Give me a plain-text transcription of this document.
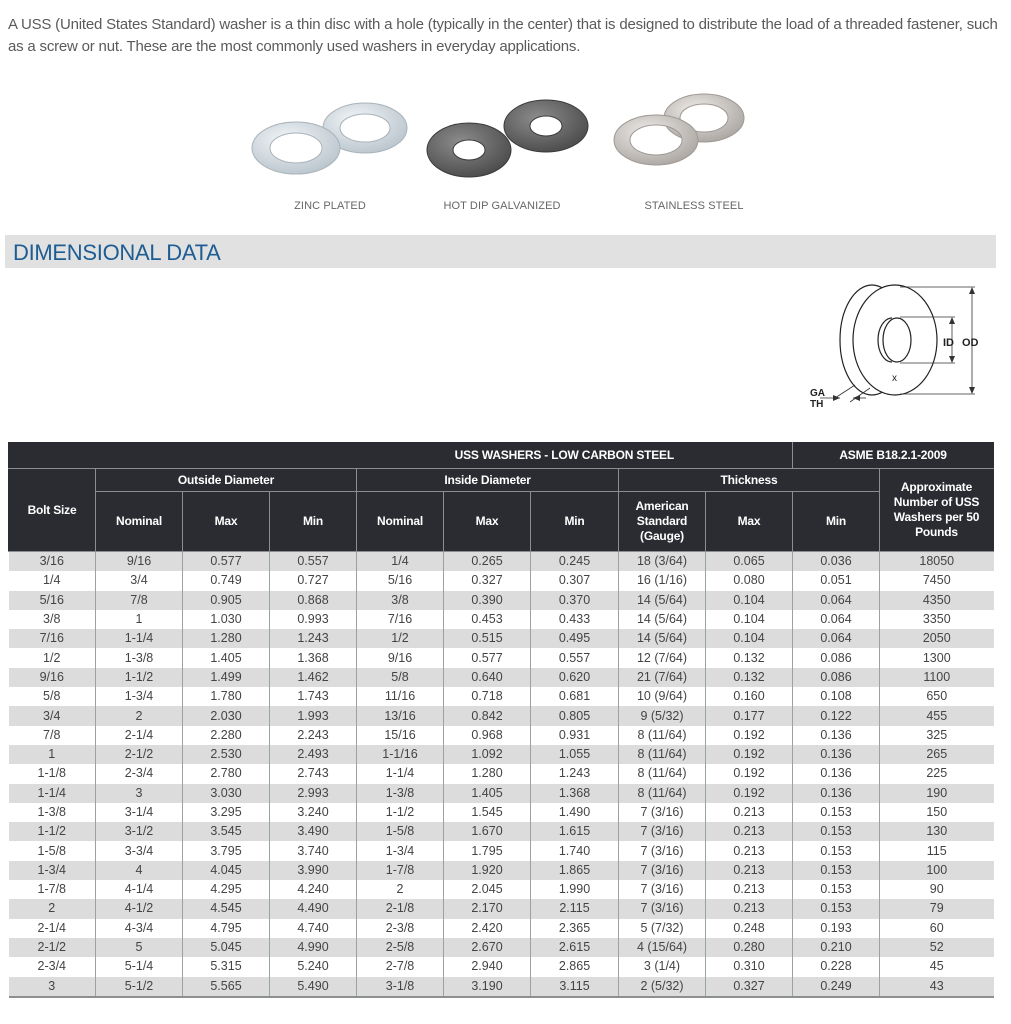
A USS (United States Standard) washer is a thin disc with a hole (typically in the center) that is designed to distribute the load of a threaded fastener, such as a screw or nut. These are the most commonly used washers in everyday applications.

ZINC PLATED	HOT DIP GALVANIZED	STAINLESS STEEL
DIMENSIONAL DATA
ID OD
x
GA
TH
USS WASHERS - LOW CARBON STEEL									ASME B18.2.1-2009	
Bolt Size	Outside Diameter			Inside Diameter			Thickness			Approximate Number of USS Washers per 50 Pounds
	Nominal	Max	Min	Nominal	Max	Min	American Standard (Gauge)	Max	Min	
3/16	9/16	0.577	0.557	1/4	0.265	0.245	18 (3/64)	0.065	0.036	18050
1/4	3/4	0.749	0.727	5/16	0.327	0.307	16 (1/16)	0.080	0.051	7450
5/16	7/8	0.905	0.868	3/8	0.390	0.370	14 (5/64)	0.104	0.064	4350
3/8	1	1.030	0.993	7/16	0.453	0.433	14 (5/64)	0.104	0.064	3350
7/16	1-1/4	1.280	1.243	1/2	0.515	0.495	14 (5/64)	0.104	0.064	2050
1/2	1-3/8	1.405	1.368	9/16	0.577	0.557	12 (7/64)	0.132	0.086	1300
9/16	1-1/2	1.499	1.462	5/8	0.640	0.620	21 (7/64)	0.132	0.086	1100
5/8	1-3/4	1.780	1.743	11/16	0.718	0.681	10 (9/64)	0.160	0.108	650
3/4	2	2.030	1.993	13/16	0.842	0.805	9 (5/32)	0.177	0.122	455
7/8	2-1/4	2.280	2.243	15/16	0.968	0.931	8 (11/64)	0.192	0.136	325
1	2-1/2	2.530	2.493	1-1/16	1.092	1.055	8 (11/64)	0.192	0.136	265
1-1/8	2-3/4	2.780	2.743	1-1/4	1.280	1.243	8 (11/64)	0.192	0.136	225
1-1/4	3	3.030	2.993	1-3/8	1.405	1.368	8 (11/64)	0.192	0.136	190
1-3/8	3-1/4	3.295	3.240	1-1/2	1.545	1.490	7 (3/16)	0.213	0.153	150
1-1/2	3-1/2	3.545	3.490	1-5/8	1.670	1.615	7 (3/16)	0.213	0.153	130
1-5/8	3-3/4	3.795	3.740	1-3/4	1.795	1.740	7 (3/16)	0.213	0.153	115
1-3/4	4	4.045	3.990	1-7/8	1.920	1.865	7 (3/16)	0.213	0.153	100
1-7/8	4-1/4	4.295	4.240	2	2.045	1.990	7 (3/16)	0.213	0.153	90
2	4-1/2	4.545	4.490	2-1/8	2.170	2.115	7 (3/16)	0.213	0.153	79
2-1/4	4-3/4	4.795	4.740	2-3/8	2.420	2.365	5 (7/32)	0.248	0.193	60
2-1/2	5	5.045	4.990	2-5/8	2.670	2.615	4 (15/64)	0.280	0.210	52
2-3/4	5-1/4	5.315	5.240	2-7/8	2.940	2.865	3 (1/4)	0.310	0.228	45
3	5-1/2	5.565	5.490	3-1/8	3.190	3.115	2 (5/32)	0.327	0.249	43
